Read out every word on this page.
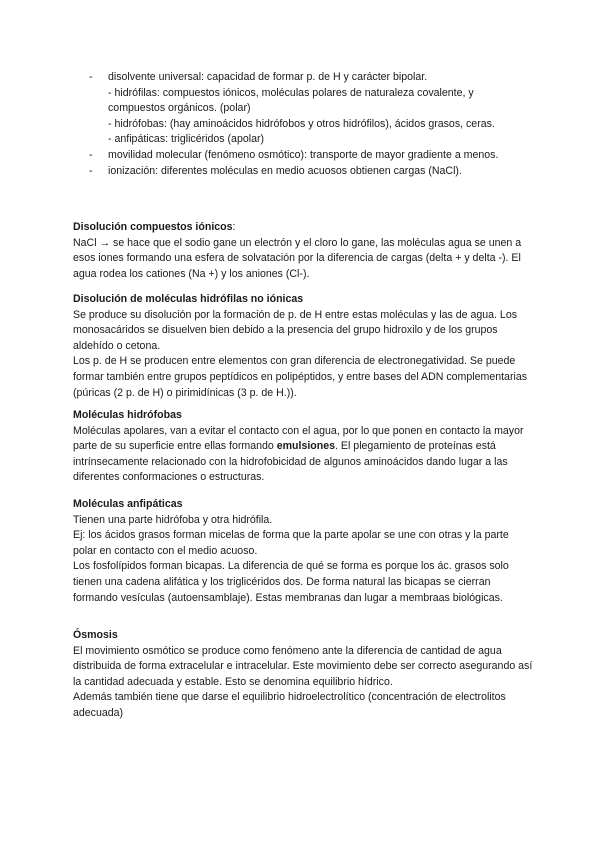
- disolvente universal: capacidad de formar p. de H y carácter bipolar.
- hidrófilas: compuestos iónicos, moléculas polares de naturaleza covalente, y compuestos orgánicos. (polar)
- hidrófobas: (hay aminoácidos hidrófobos y otros hidrófilos), ácidos grasos, ceras.
- anfipáticas: triglicéridos (apolar)
- movilidad molecular (fenómeno osmótico): transporte de mayor gradiente a menos.
- ionización: diferentes moléculas en medio acuosos obtienen cargas (NaCl).

Disolución compuestos iónicos:

NaCl → se hace que el sodio gane un electrón y el cloro lo gane, las moléculas agua se unen a esos iones formando una esfera de solvatación por la diferencia de cargas (delta + y delta -). El agua rodea los cationes (Na +) y los aniones (Cl-).

Disolución de moléculas hidrófilas no iónicas

Se produce su disolución por la formación de p. de H entre estas moléculas y las de agua. Los monosacáridos se disuelven bien debido a la presencia del grupo hidroxilo y de los grupos aldehído o cetona.

Los p. de H se producen entre elementos con gran diferencia de electronegatividad. Se puede formar también entre grupos peptídicos en polipéptidos, y entre bases del ADN complementarias (púricas (2 p. de H) o pirimidínicas (3 p. de H.)).

Moléculas hidrófobas

Moléculas apolares, van a evitar el contacto con el agua, por lo que ponen en contacto la mayor parte de su superficie entre ellas formando emulsiones. El plegamiento de proteínas está intrínsecamente relacionado con la hidrofobicidad de algunos aminoácidos dando lugar a las diferentes conformaciones o estructuras.

Moléculas anfipáticas

Tienen una parte hidrófoba y otra hidrófila.

Ej: los ácidos grasos forman micelas de forma que la parte apolar se une con otras y la parte polar en contacto con el medio acuoso.

Los fosfolípidos forman bicapas. La diferencia de qué se forma es porque los ác. grasos solo tienen una cadena alifática y los triglicéridos dos. De forma natural las bicapas se cierran formando vesículas (autoensamblaje). Estas membranas dan lugar a membraas biológicas.

Ósmosis

El movimiento osmótico se produce como fenómeno ante la diferencia de cantidad de agua distribuida de forma extracelular e intracelular. Este movimiento debe ser correcto asegurando así la cantidad adecuada y estable. Esto se denomina equilibrio hídrico.

Además también tiene que darse el equilibrio hidroelectrolítico (concentración de electrolitos adecuada)
